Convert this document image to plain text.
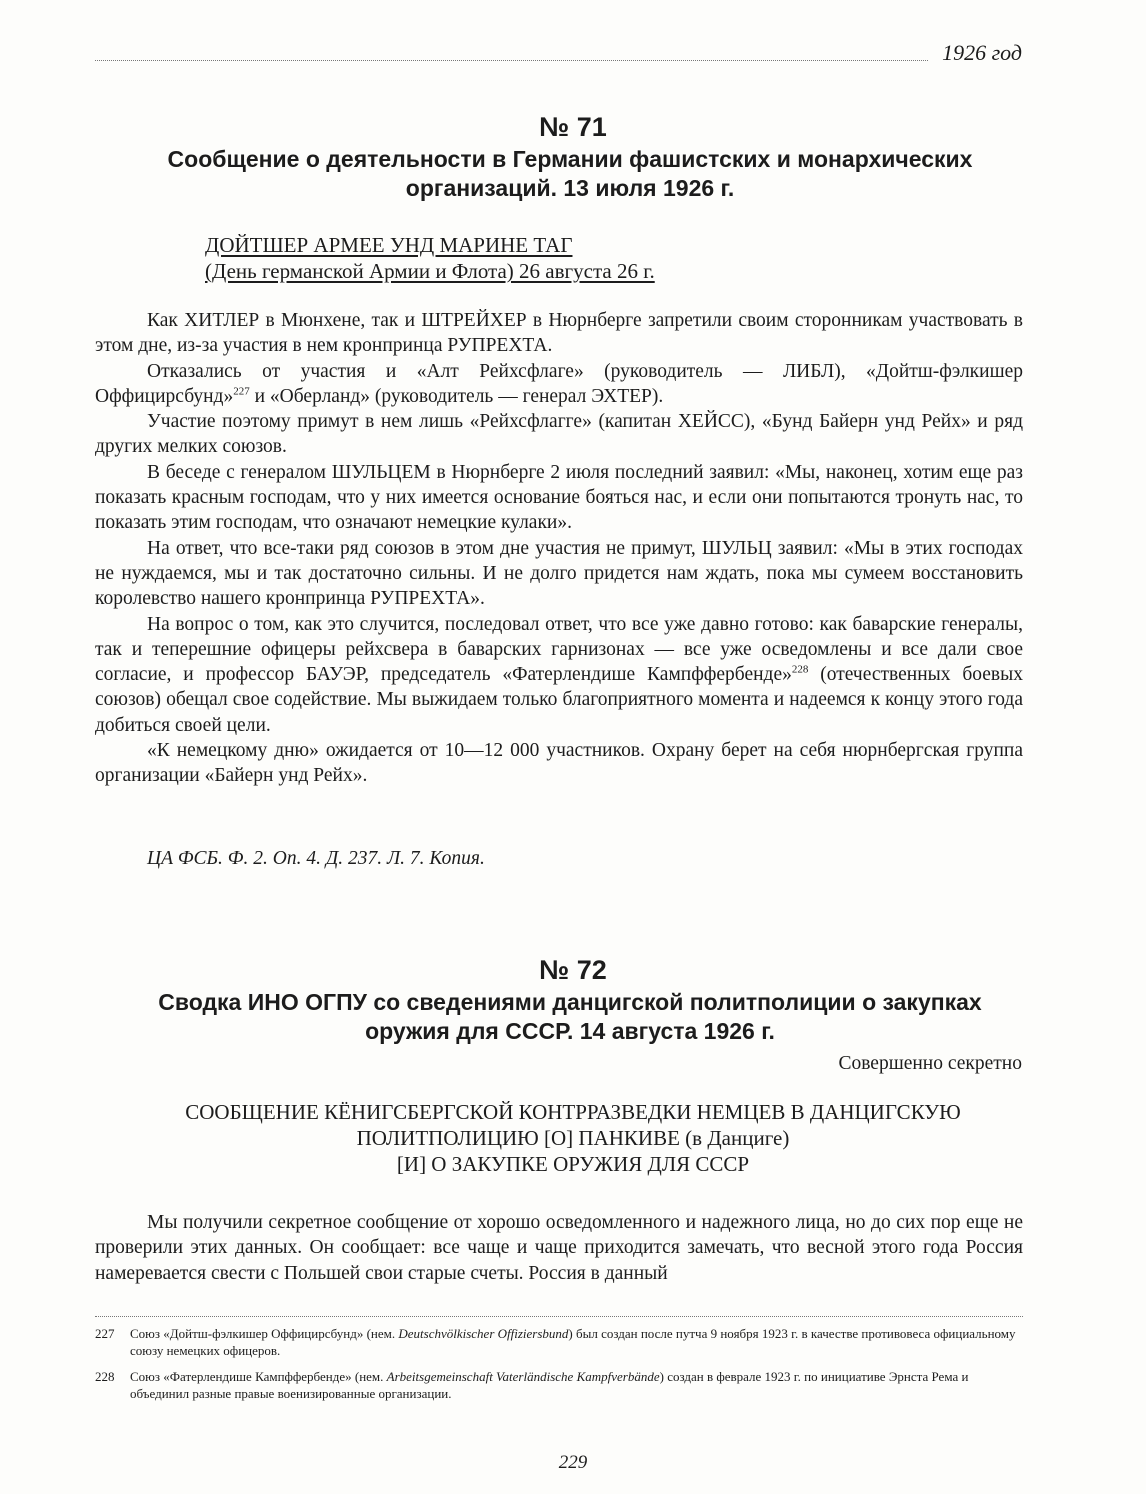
1926 год
№ 71
Сообщение о деятельности в Германии фашистских и монархических
организаций. 13 июля 1926 г.
ДОЙТШЕР АРМЕЕ УНД МАРИНЕ ТАГ
(День германской Армии и Флота) 26 августа 26 г.

Как ХИТЛЕР в Мюнхене, так и ШТРЕЙХЕР в Нюрнберге запретили своим сторонникам участвовать в этом дне, из-за участия в нем кронпринца РУПРЕХТА.

Отказались от участия и «Алт Рейхсфлаге» (руководитель — ЛИБЛ), «Дойтш-фэлкишер Оффицирсбунд»$^{227}$ и «Оберланд» (руководитель — генерал ЭХТЕР).

Участие поэтому примут в нем лишь «Рейхсфлагге» (капитан ХЕЙСС), «Бунд Байерн унд Рейх» и ряд других мелких союзов.

В беседе с генералом ШУЛЬЦЕМ в Нюрнберге 2 июля последний заявил: «Мы, наконец, хотим еще раз показать красным господам, что у них имеется основание бояться нас, и если они попытаются тронуть нас, то показать этим господам, что означают немецкие кулаки».

На ответ, что все-таки ряд союзов в этом дне участия не примут, ШУЛЬЦ заявил: «Мы в этих господах не нуждаемся, мы и так достаточно сильны. И не долго придется нам ждать, пока мы сумеем восстановить королевство нашего кронпринца РУПРЕХТА».

На вопрос о том, как это случится, последовал ответ, что все уже давно готово: как баварские генералы, так и теперешние офицеры рейхсвера в баварских гарнизонах — все уже осведомлены и все дали свое согласие, и профессор БАУЭР, председатель «Фатерлендише Кампффербенде»$^{228}$ (отечественных боевых союзов) обещал свое содействие. Мы выжидаем только благоприятного момента и надеемся к концу этого года добиться своей цели.

«К немецкому дню» ожидается от 10—12 000 участников. Охрану берет на себя нюрнбергская группа организации «Байерн унд Рейх».

ЦА ФСБ. Ф. 2. Оп. 4. Д. 237. Л. 7. Копия.
№ 72
Сводка ИНО ОГПУ со сведениями данцигской политполиции о закупках
оружия для СССР. 14 августа 1926 г.
Совершенно секретно
СООБЩЕНИЕ КЁНИГСБЕРГСКОЙ КОНТРРАЗВЕДКИ НЕМЦЕВ В ДАНЦИГСКУЮ
ПОЛИТПОЛИЦИЮ [О] ПАНКИВЕ (в Данциге)
[И] О ЗАКУПКЕ ОРУЖИЯ ДЛЯ СССР

Мы получили секретное сообщение от хорошо осведомленного и надежного лица, но до сих пор еще не проверили этих данных. Он сообщает: все чаще и чаще приходится замечать, что весной этого года Россия намеревается свести с Польшей свои старые счеты. Россия в данный

227 Союз «Дойтш-фэлкишер Оффицирсбунд» (нем. Deutschvölkischer Offiziersbund) был создан после путча 9 ноября 1923 г. в качестве противовеса официальному союзу немецких офицеров.
228 Союз «Фатерлендише Кампффербенде» (нем. Arbeitsgemeinschaft Vaterländische Kampfverbände) создан в феврале 1923 г. по инициативе Эрнста Рема и объединил разные правые военизированные организации.
229
